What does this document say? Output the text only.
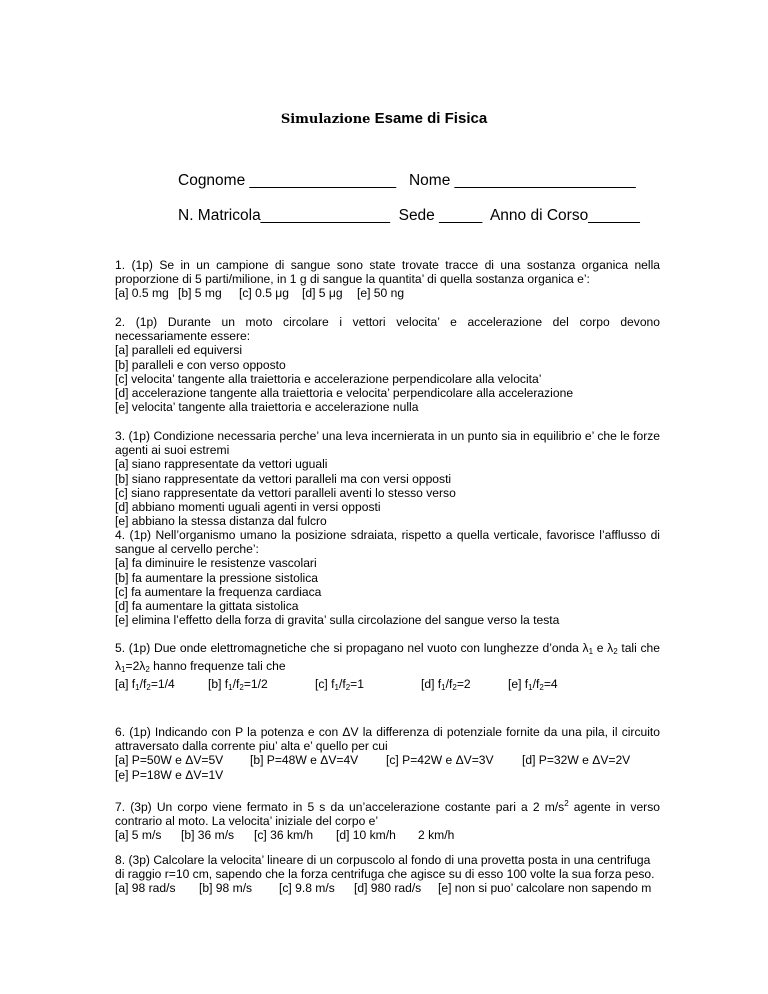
Simulazione Esame di Fisica
Cognome _________________   Nome _____________________
N. Matricola_______________  Sede _____  Anno di Corso______

1. (1p) Se in un campione di sangue sono state trovate tracce di una sostanza organica nella proporzione di 5 parti/milione, in 1 g di sangue la quantita’ di quella sostanza organica e’:

[a] 0.5 mg [b] 5 mg	[c] 0.5 μg	[d] 5 μg	[e] 50 ng

2. (1p) Durante un moto circolare i vettori velocita’ e accelerazione del corpo devono necessariamente essere:

[a] paralleli ed equiversi
[b] paralleli e con verso opposto
[c] velocita’ tangente alla traiettoria e accelerazione perpendicolare alla velocita’
[d] accelerazione tangente alla traiettoria e velocita’ perpendicolare alla accelerazione
[e] velocita’ tangente alla traiettoria e accelerazione nulla

3. (1p) Condizione necessaria perche’ una leva incernierata in un punto sia in equilibrio e’ che le forze agenti ai suoi estremi

[a] siano rappresentate da vettori uguali
[b] siano rappresentate da vettori paralleli ma con versi opposti
[c] siano rappresentate da vettori paralleli aventi lo stesso verso
[d] abbiano momenti uguali agenti in versi opposti
[e] abbiano la stessa distanza dal fulcro

4. (1p) Nell’organismo umano la posizione sdraiata, rispetto a quella verticale, favorisce l’afflusso di sangue al cervello perche’:

[a] fa diminuire le resistenze vascolari
[b] fa aumentare la pressione sistolica
[c] fa aumentare la frequenza cardiaca
[d] fa aumentare la gittata sistolica
[e] elimina l’effetto della forza di gravita’ sulla circolazione del sangue verso la testa

5. (1p) Due onde elettromagnetiche che si propagano nel vuoto con lunghezze d’onda $\lambda_1$ e $\lambda_2$ tali che $\lambda_1=2\lambda_2$ hanno frequenze tali che

[a] $f_1/f_2=1/4$	[b] $f_1/f_2=1/2$	[c] $f_1/f_2=1$	[d] $f_1/f_2=2$	[e] $f_1/f_2=4$

6. (1p) Indicando con P la potenza e con ΔV la differenza di potenziale fornite da una pila, il circuito attraversato dalla corrente piu’ alta e’ quello per cui

[a] P=50W e ΔV=5V	[b] P=48W e ΔV=4V	[c] P=42W e ΔV=3V	[d] P=32W e ΔV=2V
[e] P=18W e ΔV=1V

7. (3p) Un corpo viene fermato in 5 s da un’accelerazione costante pari a 2 $m/s^2$ agente in verso contrario al moto. La velocita’ iniziale del corpo e’

[a] 5 m/s	[b] 36 m/s	[c] 36 km/h	[d] 10 km/h	2 km/h

8. (3p) Calcolare la velocita’ lineare di un corpuscolo al fondo di una provetta posta in una centrifuga di raggio r=10 cm, sapendo che la forza centrifuga che agisce su di esso 100 volte la sua forza peso.

[a] 98 rad/s	[b] 98 m/s	[c] 9.8 m/s	[d] 980 rad/s	[e] non si puo’ calcolare non sapendo m
